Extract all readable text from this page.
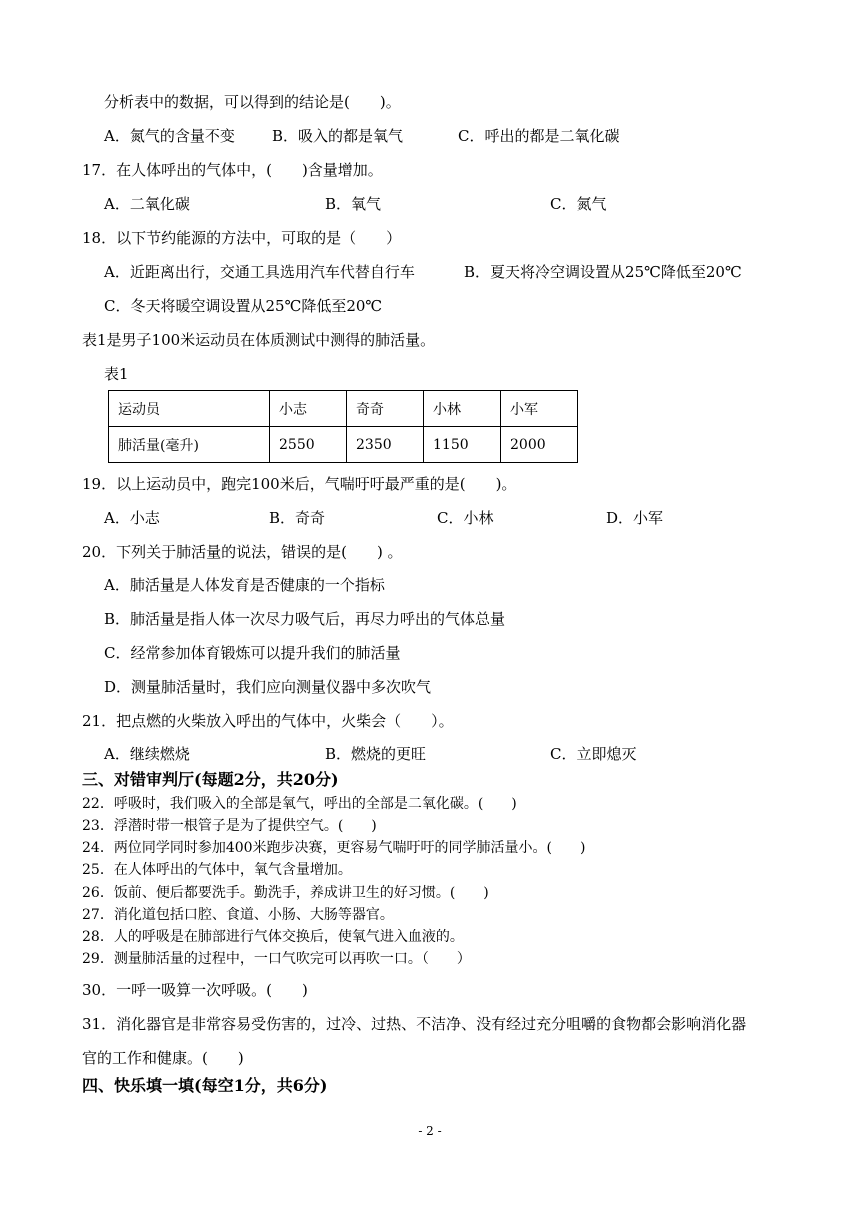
分析表中的数据，可以得到的结论是(　　)。
A．氮气的含量不变 B．吸入的都是氧气	C．呼出的都是二氧化碳
17．在人体呼出的气体中，(　　)含量增加。
A．二氧化碳	B．氧气	C．氮气
18．以下节约能源的方法中，可取的是（　　）
A．近距离出行，交通工具选用汽车代替自行车	B．夏天将冷空调设置从25℃降低至20℃
C．冬天将暖空调设置从25℃降低至20℃
表1是男子100米运动员在体质测试中测得的肺活量。
表1
运动员	小志	奇奇	小林	小军
肺活量(毫升)	2550	2350	1150	2000
19．以上运动员中，跑完100米后，气喘吁吁最严重的是(　　)。
A．小志	B．奇奇	C．小林	D．小军
20．下列关于肺活量的说法，错误的是(　　) 。
A．肺活量是人体发育是否健康的一个指标
B．肺活量是指人体一次尽力吸气后，再尽力呼出的气体总量
C．经常参加体育锻炼可以提升我们的肺活量
D．测量肺活量时，我们应向测量仪器中多次吹气
21．把点燃的火柴放入呼出的气体中，火柴会（　　）。
A．继续燃烧	B．燃烧的更旺	C．立即熄灭
三、对错审判厅(每题2分，共20分)
22．呼吸时，我们吸入的全部是氧气，呼出的全部是二氧化碳。(　　)
23．浮潜时带一根管子是为了提供空气。(　　)
24．两位同学同时参加400米跑步决赛，更容易气喘吁吁的同学肺活量小。(　　)
25．在人体呼出的气体中，氧气含量增加。
26．饭前、便后都要洗手。勤洗手，养成讲卫生的好习惯。(　　)
27．消化道包括口腔、食道、小肠、大肠等器官。
28．人的呼吸是在肺部进行气体交换后，使氧气进入血液的。
29．测量肺活量的过程中，一口气吹完可以再吹一口。（　　）
30．一呼一吸算一次呼吸。(　　)
31．消化器官是非常容易受伤害的，过冷、过热、不洁净、没有经过充分咀嚼的食物都会影响消化器
官的工作和健康。(　　)
四、快乐填一填(每空1分，共6分)
- 2 -
